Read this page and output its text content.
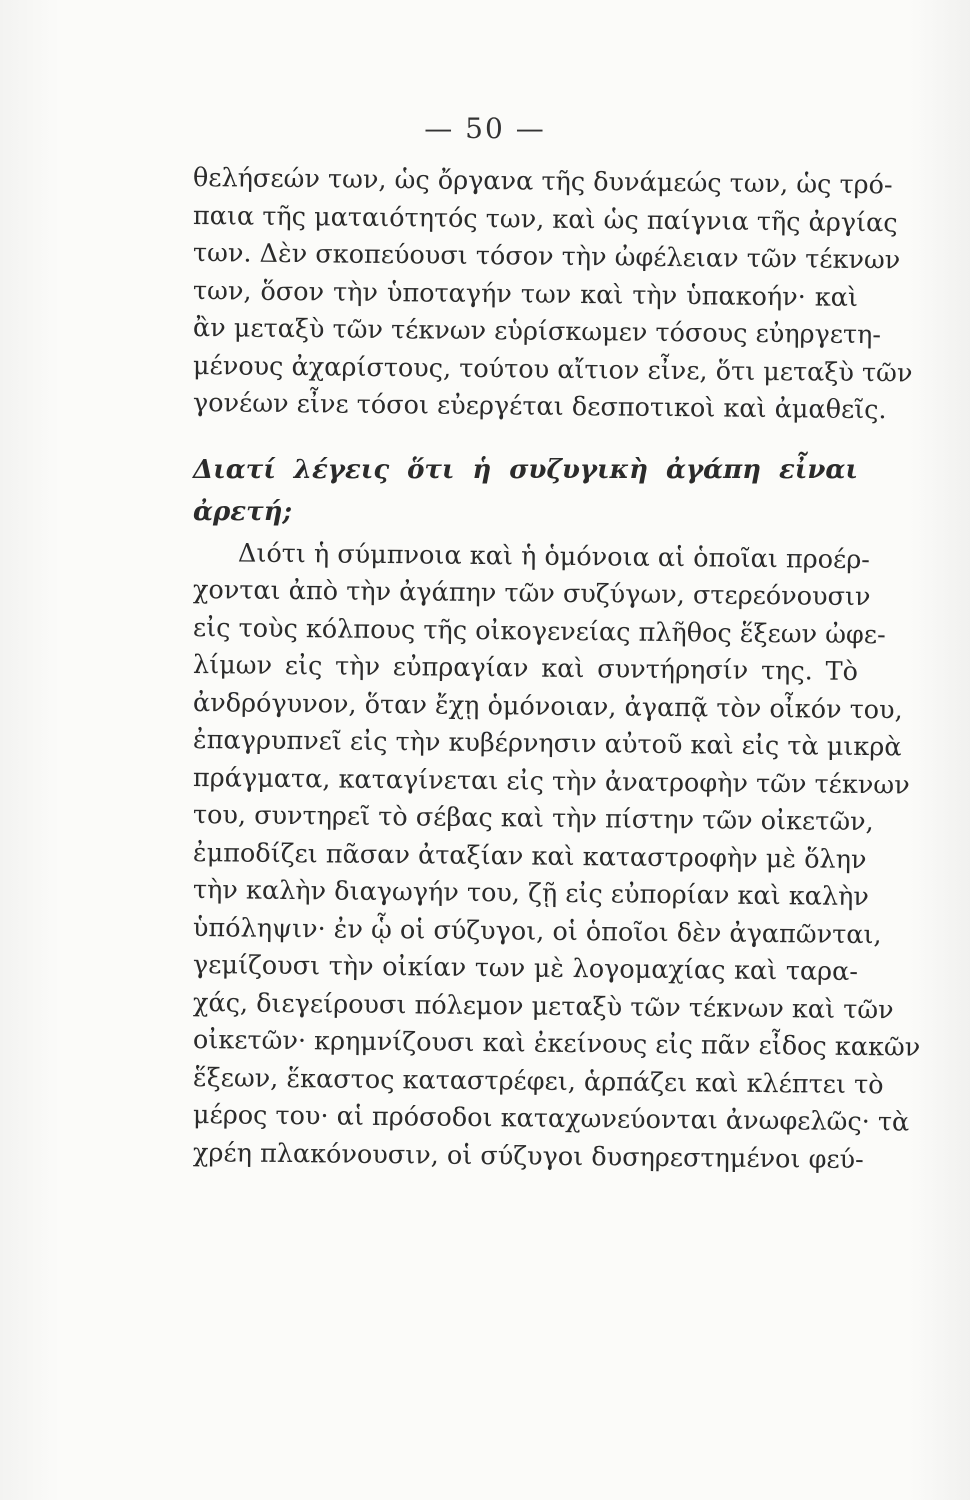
— 50 —
θελήσεών των, ὡς ὄργανα τῆς δυνάμεώς των, ὡς τρό-
παια τῆς ματαιότητός των, καὶ ὡς παίγνια τῆς ἀργίας
των. Δὲν σκοπεύουσι τόσον τὴν ὠφέλειαν τῶν τέκνων
των, ὅσον τὴν ὑποταγήν των καὶ τὴν ὑπακοήν· καὶ
ἂν μεταξὺ τῶν τέκνων εὑρίσκωμεν τόσους εὐηργετη-
μένους ἀχαρίστους, τούτου αἴτιον εἶνε, ὅτι μεταξὺ τῶν
γονέων εἶνε τόσοι εὐεργέται δεσποτικοὶ καὶ ἀμαθεῖς.
Διατί λέγεις ὅτι ἡ συζυγικὴ ἀγάπη εἶναι
ἀρετή;
Διότι ἡ σύμπνοια καὶ ἡ ὁμόνοια αἱ ὁποῖαι προέρ-
χονται ἀπὸ τὴν ἀγάπην τῶν συζύγων, στερεόνουσιν
εἰς τοὺς κόλπους τῆς οἰκογενείας πλῆθος ἕξεων ὠφε-
λίμων εἰς τὴν εὐπραγίαν καὶ συντήρησίν της. Τὸ
ἀνδρόγυνον, ὅταν ἔχῃ ὁμόνοιαν, ἀγαπᾷ τὸν οἶκόν του,
ἐπαγρυπνεῖ εἰς τὴν κυβέρνησιν αὐτοῦ καὶ εἰς τὰ μικρὰ
πράγματα, καταγίνεται εἰς τὴν ἀνατροφὴν τῶν τέκνων
του, συντηρεῖ τὸ σέβας καὶ τὴν πίστην τῶν οἰκετῶν,
ἐμποδίζει πᾶσαν ἀταξίαν καὶ καταστροφὴν μὲ ὅλην
τὴν καλὴν διαγωγήν του, ζῇ εἰς εὐπορίαν καὶ καλὴν
ὑπόληψιν· ἐν ᾧ οἱ σύζυγοι, οἱ ὁποῖοι δὲν ἀγαπῶνται,
γεμίζουσι τὴν οἰκίαν των μὲ λογομαχίας καὶ ταρα-
χάς, διεγείρουσι πόλεμον μεταξὺ τῶν τέκνων καὶ τῶν
οἰκετῶν· κρημνίζουσι καὶ ἐκείνους εἰς πᾶν εἶδος κακῶν
ἕξεων, ἕκαστος καταστρέφει, ἁρπάζει καὶ κλέπτει τὸ
μέρος του· αἱ πρόσοδοι καταχωνεύονται ἀνωφελῶς· τὰ
χρέη πλακόνουσιν, οἱ σύζυγοι δυσηρεστημένοι φεύ-
